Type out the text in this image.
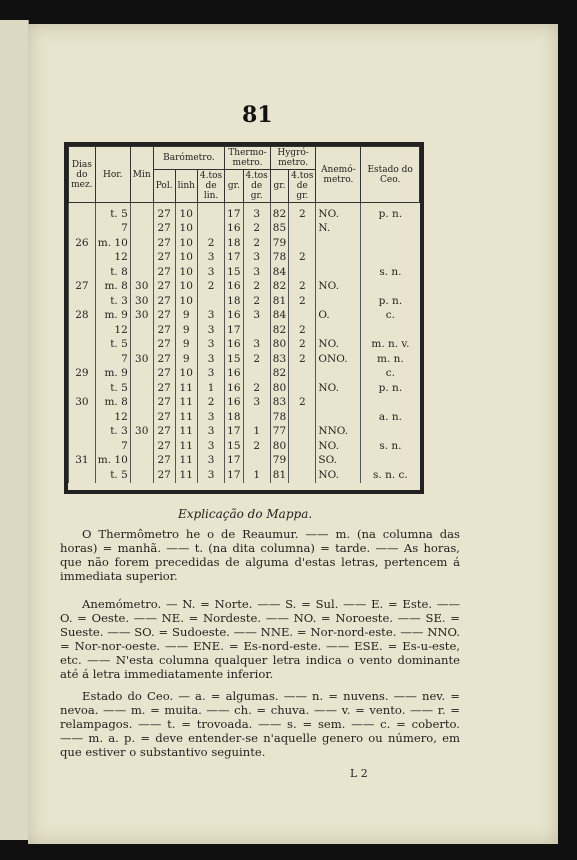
81
Dias do mez.	Hor.	Min	Barómetro.			Thermo- metro.		Hygró- metro.		Anemó- metro.	Estado do Ceo.
			Pol.	linh	4.tos de lin.	gr.	4.tos de gr.	gr.	4.tos de gr.		
	t. 5		27	10		17	3	82	2	NO.	p. n.
	7		27	10		16	2	85		N.	
26	m. 10		27	10	2	18	2	79			
	12		27	10	3	17	3	78	2		
	t. 8		27	10	3	15	3	84			s. n.
27	m. 8	30	27	10	2	16	2	82	2	NO.	
	t. 3	30	27	10		18	2	81	2		p. n.
28	m. 9	30	27	9	3	16	3	84		O.	c.
	12		27	9	3	17		82	2		
	t. 5		27	9	3	16	3	80	2	NO.	m. n. v.
	7	30	27	9	3	15	2	83	2	ONO.	m. n.
29	m. 9		27	10	3	16		82			c.
	t. 5		27	11	1	16	2	80		NO.	p. n.
30	m. 8		27	11	2	16	3	83	2		
	12		27	11	3	18		78			a. n.
	t. 3	30	27	11	3	17	1	77		NNO.	
	7		27	11	3	15	2	80		NO.	s. n.
31	m. 10		27	11	3	17		79		SO.	
	t. 5		27	11	3	17	1	81		NO.	s. n. c.
Explicação do Mappa.
O Thermômetro he o de Reaumur. —— m. (na columna das horas) = manhã. —— t. (na dita columna) = tarde. —— As horas, que não forem precedidas de alguma d'estas letras, pertencem á immediata superior.
Anemómetro. — N. = Norte. —— S. = Sul. —— E. = Este. —— O. = Oeste. —— NE. = Nordeste. —— NO. = Noroeste. —— SE. = Sueste. —— SO. = Sudoeste. —— NNE. = Nor-nord-este. —— NNO. = Nor-nor-oeste. —— ENE. = Es-nord-este. —— ESE. = Es-u-este, etc. —— N'esta columna qualquer letra indica o vento dominante até á letra immediatamente inferior.
Estado do Ceo. — a. = algumas. —— n. = nuvens. —— nev. = nevoa. —— m. = muita. —— ch. = chuva. —— v. = vento. —— r. = relampagos. —— t. = trovoada. —— s. = sem. —— c. = coberto. —— m. a. p. = deve entender-se n'aquelle genero ou número, em que estiver o substantivo seguinte.
L 2
